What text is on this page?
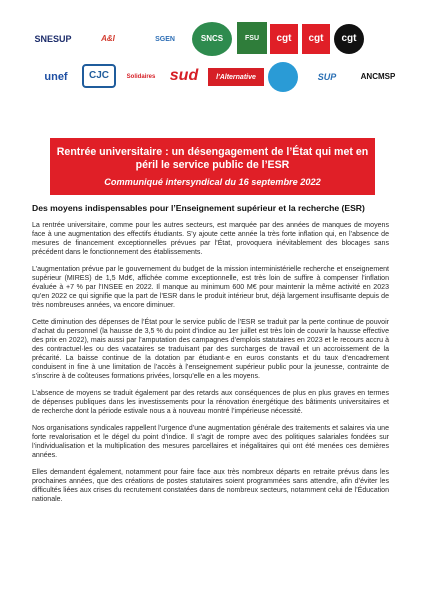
SNESUP	A&I	SGEN	SNCS	FSU cgt cgt cgt
unef CJC	Solidaires sud	l'Alternative	SUP	ANCMSP
Rentrée universitaire : un désengagement de l’État qui met en péril le service public de l’ESR
Communiqué intersyndical du 16 septembre 2022

Des moyens indispensables pour l’Enseignement supérieur et la recherche (ESR)

La rentrée universitaire, comme pour les autres secteurs, est marquée par des années de manques de moyens face à une augmentation des effectifs étudiants. S’y ajoute cette année la très forte inflation qui, en l’absence de mesures de financement exceptionnelles prévues par l’État, provoquera inévitablement des blocages sans précédent dans le fonctionnement des établissements.

L’augmentation prévue par le gouvernement du budget de la mission interministérielle recherche et enseignement supérieur (MIRES) de 1,5 Md€, affichée comme exceptionnelle, est très loin de suffire à compenser l’inflation évaluée à +7 % par l’INSEE en 2022. Il manque au minimum 600 M€ pour maintenir la même activité en 2023 qu’en 2022 ce qui signifie que la part de l’ESR dans le produit intérieur brut, déjà largement insuffisante depuis de très nombreuses années, va encore diminuer.

Cette diminution des dépenses de l’État pour le service public de l’ESR se traduit par la perte continue de pouvoir d’achat du personnel (la hausse de 3,5 % du point d’indice au 1er juillet est très loin de couvrir la hausse effective des prix en 2022), mais aussi par l’amputation des campagnes d’emplois statutaires en 2023 et le recours accru à des contractuel·les ou des vacataires se traduisant par des surcharges de travail et un accroissement de la précarité. La baisse continue de la dotation par étudiant·e en euros constants et du taux d’encadrement conduisent in fine à une limitation de l’accès à l’enseignement supérieur public pour la jeunesse, contrainte de s’inscrire à de coûteuses formations privées, lorsqu’elle en a les moyens.

L’absence de moyens se traduit également par des retards aux conséquences de plus en plus graves en termes de dépenses publiques dans les investissements pour la rénovation énergétique des bâtiments universitaires et de recherche dont la période estivale nous a à nouveau montré l’impérieuse nécessité.

Nos organisations syndicales rappellent l’urgence d’une augmentation générale des traitements et salaires via une forte revalorisation et le dégel du point d’indice. Il s’agit de rompre avec des politiques salariales fondées sur l’individualisation et la multiplication des mesures parcellaires et inégalitaires qui ont été menées ces dernières années.

Elles demandent également, notamment pour faire face aux très nombreux départs en retraite prévus dans les prochaines années, que des créations de postes statutaires soient programmées sans attendre, afin d’éviter les difficultés liées aux crises du recrutement constatées dans de nombreux secteurs, notamment celui de l’Éducation nationale.
